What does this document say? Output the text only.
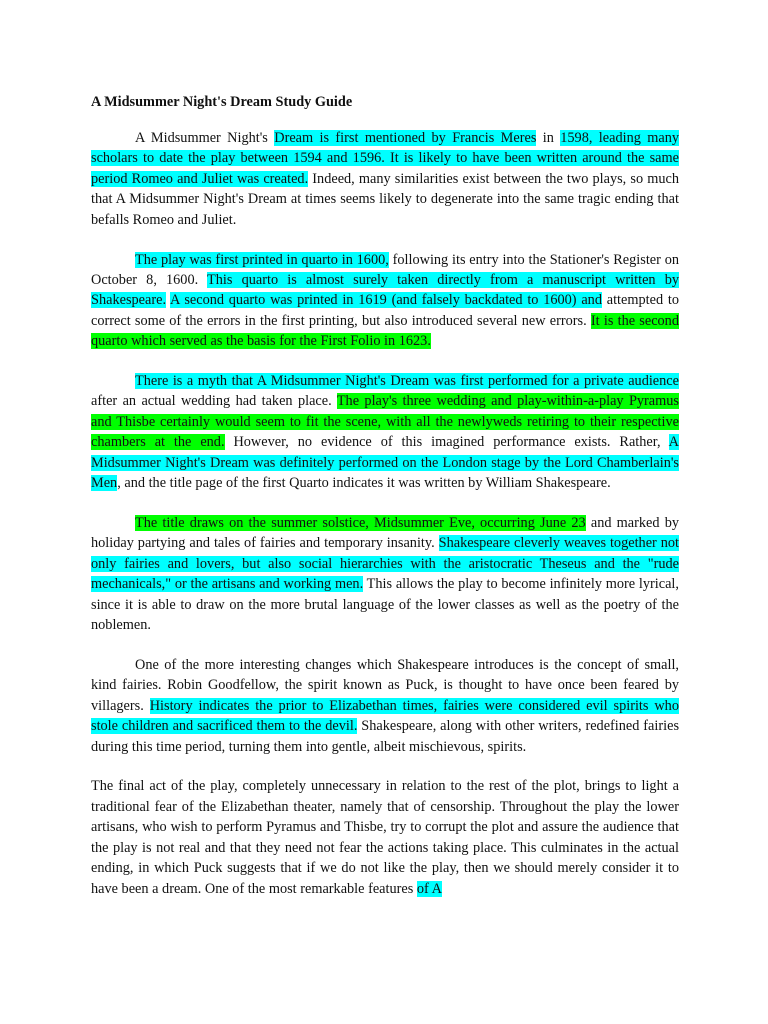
A Midsummer Night's Dream Study Guide

A Midsummer Night's Dream is first mentioned by Francis Meres in 1598, leading many scholars to date the play between 1594 and 1596. It is likely to have been written around the same period Romeo and Juliet was created. Indeed, many similarities exist between the two plays, so much that A Midsummer Night's Dream at times seems likely to degenerate into the same tragic ending that befalls Romeo and Juliet.

The play was first printed in quarto in 1600, following its entry into the Stationer's Register on October 8, 1600. This quarto is almost surely taken directly from a manuscript written by Shakespeare. A second quarto was printed in 1619 (and falsely backdated to 1600) and attempted to correct some of the errors in the first printing, but also introduced several new errors. It is the second quarto which served as the basis for the First Folio in 1623.

There is a myth that A Midsummer Night's Dream was first performed for a private audience after an actual wedding had taken place. The play's three wedding and play-within-a-play Pyramus and Thisbe certainly would seem to fit the scene, with all the newlyweds retiring to their respective chambers at the end. However, no evidence of this imagined performance exists. Rather, A Midsummer Night's Dream was definitely performed on the London stage by the Lord Chamberlain's Men, and the title page of the first Quarto indicates it was written by William Shakespeare.

The title draws on the summer solstice, Midsummer Eve, occurring June 23 and marked by holiday partying and tales of fairies and temporary insanity. Shakespeare cleverly weaves together not only fairies and lovers, but also social hierarchies with the aristocratic Theseus and the "rude mechanicals," or the artisans and working men. This allows the play to become infinitely more lyrical, since it is able to draw on the more brutal language of the lower classes as well as the poetry of the noblemen.

One of the more interesting changes which Shakespeare introduces is the concept of small, kind fairies. Robin Goodfellow, the spirit known as Puck, is thought to have once been feared by villagers. History indicates the prior to Elizabethan times, fairies were considered evil spirits who stole children and sacrificed them to the devil. Shakespeare, along with other writers, redefined fairies during this time period, turning them into gentle, albeit mischievous, spirits.

The final act of the play, completely unnecessary in relation to the rest of the plot, brings to light a traditional fear of the Elizabethan theater, namely that of censorship. Throughout the play the lower artisans, who wish to perform Pyramus and Thisbe, try to corrupt the plot and assure the audience that the play is not real and that they need not fear the actions taking place. This culminates in the actual ending, in which Puck suggests that if we do not like the play, then we should merely consider it to have been a dream. One of the most remarkable features of A
